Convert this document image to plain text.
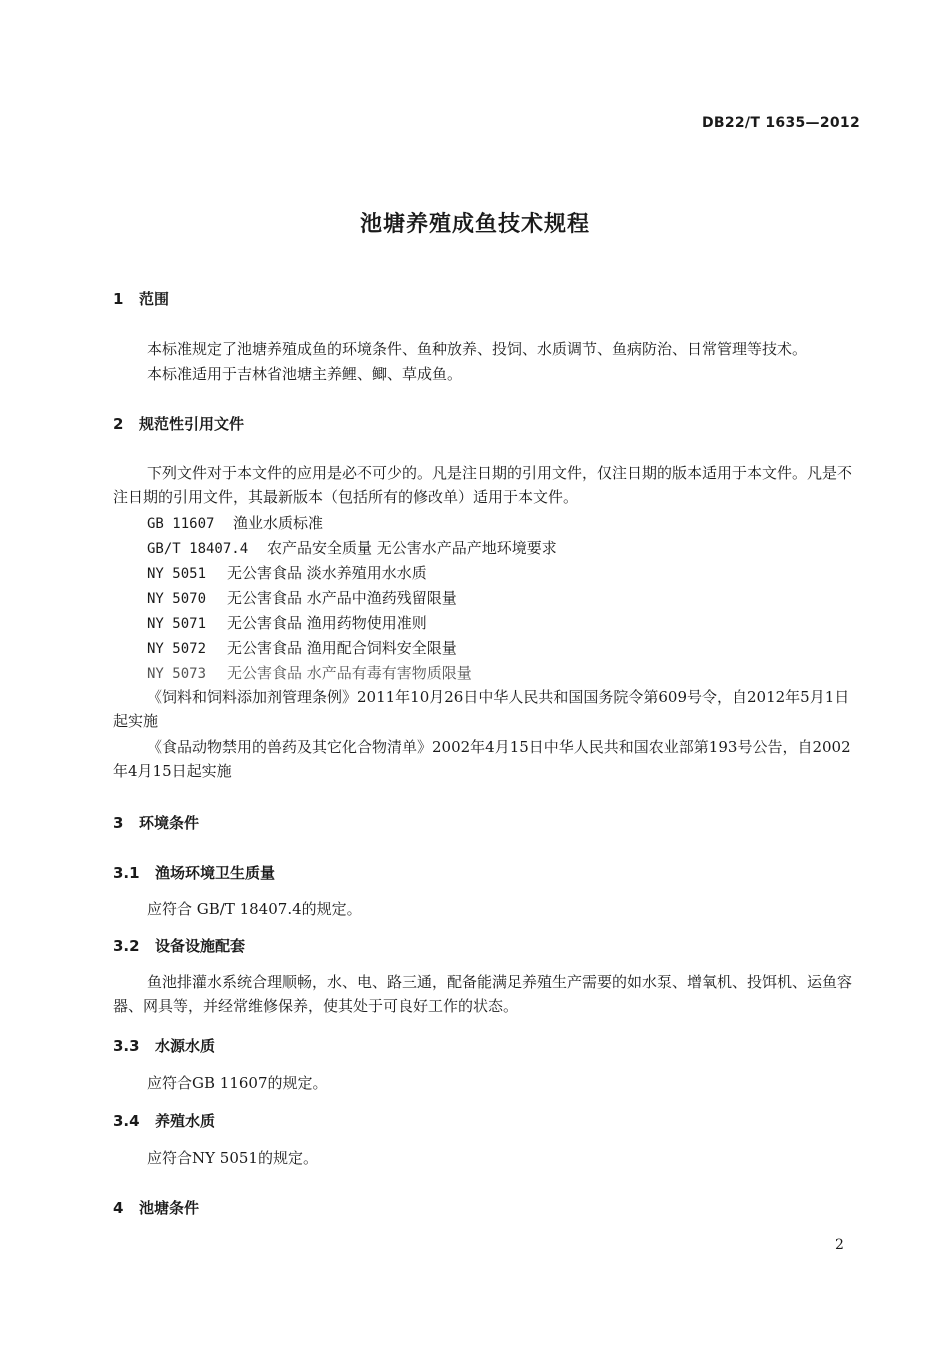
DB22/T 1635—2012
池塘养殖成鱼技术规程
1 范围
本标准规定了池塘养殖成鱼的环境条件、鱼种放养、投饲、水质调节、鱼病防治、日常管理等技术。
本标准适用于吉林省池塘主养鲤、鲫、草成鱼。
2 规范性引用文件
下列文件对于本文件的应用是必不可少的。凡是注日期的引用文件，仅注日期的版本适用于本文件。凡是不注日期的引用文件，其最新版本（包括所有的修改单）适用于本文件。
GB 11607 渔业水质标准
GB/T 18407.4 农产品安全质量 无公害水产品产地环境要求
NY 5051 无公害食品 淡水养殖用水水质
NY 5070 无公害食品 水产品中渔药残留限量
NY 5071 无公害食品 渔用药物使用准则
NY 5072 无公害食品 渔用配合饲料安全限量
NY 5073 无公害食品 水产品有毒有害物质限量
《饲料和饲料添加剂管理条例》2011年10月26日中华人民共和国国务院令第609号令，自2012年5月1日起实施
《食品动物禁用的兽药及其它化合物清单》2002年4月15日中华人民共和国农业部第193号公告，自2002年4月15日起实施
3 环境条件
3.1 渔场环境卫生质量
应符合 GB/T 18407.4的规定。
3.2 设备设施配套
鱼池排灌水系统合理顺畅，水、电、路三通，配备能满足养殖生产需要的如水泵、增氧机、投饵机、运鱼容器、网具等，并经常维修保养，使其处于可良好工作的状态。
3.3 水源水质
应符合GB 11607的规定。
3.4 养殖水质
应符合NY 5051的规定。
4 池塘条件
2
